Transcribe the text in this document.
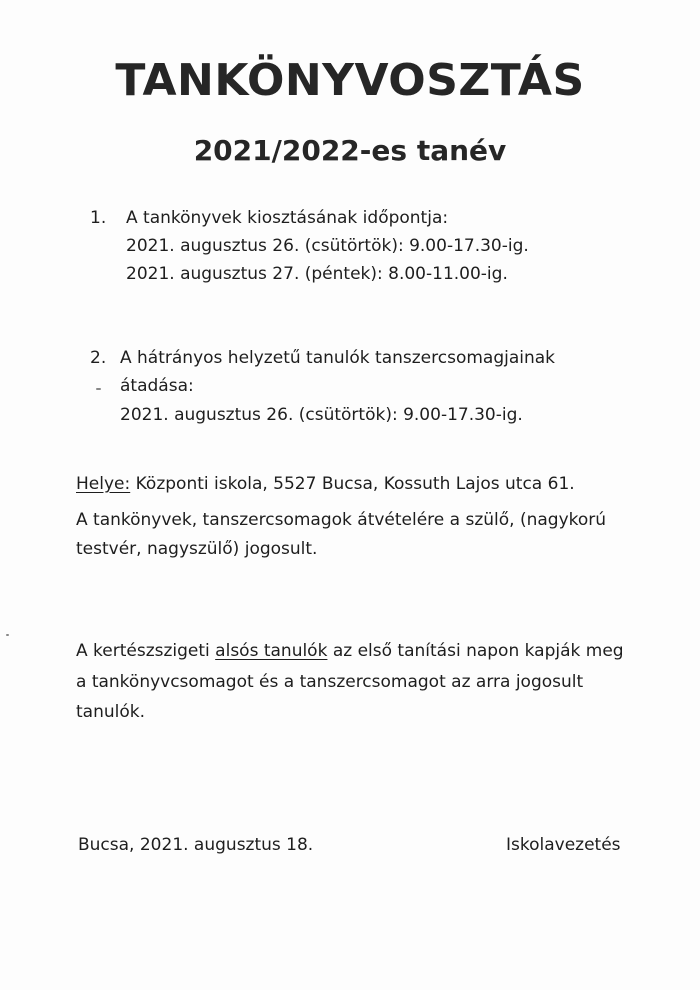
TANKÖNYVOSZTÁS
2021/2022-es tanév
1. A tankönyvek kiosztásának időpontja:
2021. augusztus 26. (csütörtök): 9.00-17.30-ig.
2021. augusztus 27. (péntek): 8.00-11.00-ig.
2. A hátrányos helyzetű tanulók tanszercsomagjainak
átadása:
2021. augusztus 26. (csütörtök): 9.00-17.30-ig.
Helye: Központi iskola, 5527 Bucsa, Kossuth Lajos utca 61.
A tankönyvek, tanszercsomagok átvételére a szülő, (nagykorú
testvér, nagyszülő) jogosult.
A kertészszigeti alsós tanulók az első tanítási napon kapják meg
a tankönyvcsomagot és a tanszercsomagot az arra jogosult
tanulók.
Bucsa, 2021. augusztus 18.	Iskolavezetés
